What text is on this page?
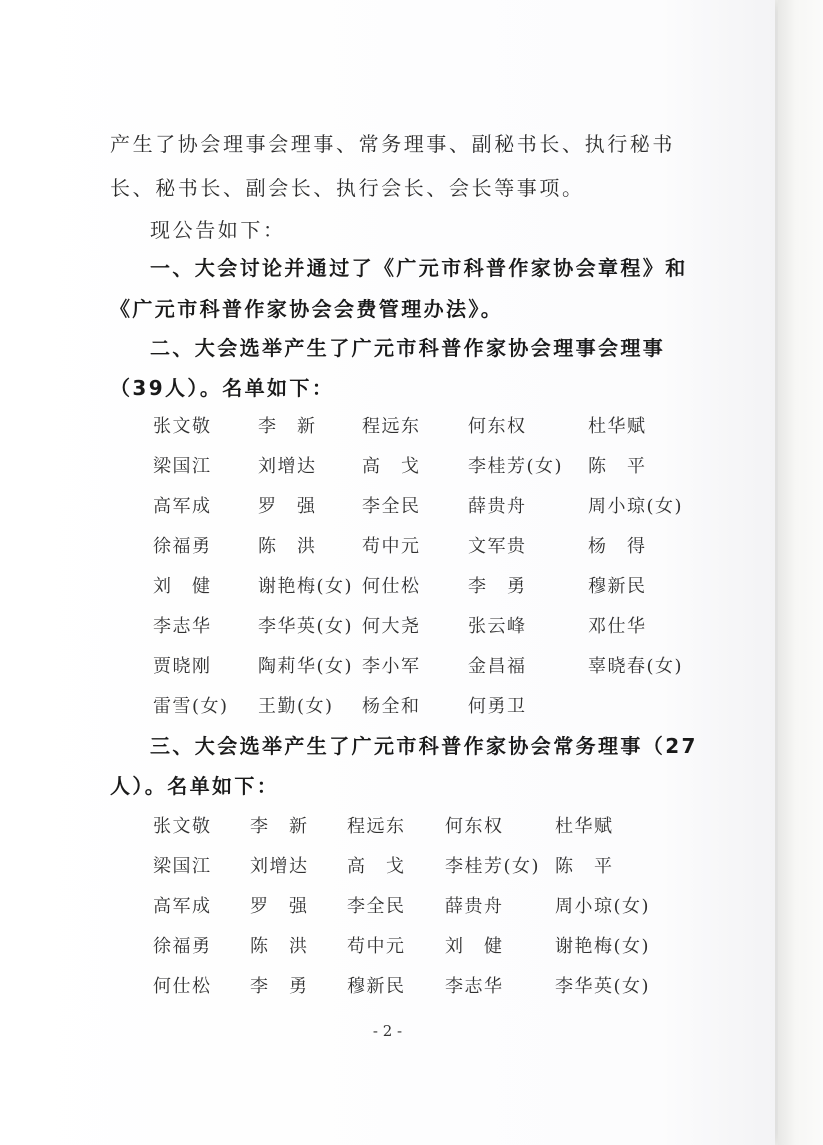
产生了协会理事会理事、常务理事、副秘书长、执行秘书
长、秘书长、副会长、执行会长、会长等事项。
现公告如下：
一、大会讨论并通过了《广元市科普作家协会章程》和
《广元市科普作家协会会费管理办法》。
二、大会选举产生了广元市科普作家协会理事会理事
（39人）。名单如下：
张文敬	李　新	程远东	何东权	杜华赋
梁国江	刘增达	高　戈	李桂芳(女) 陈　平
高军成	罗　强	李全民	薛贵舟	周小琼(女)
徐福勇	陈　洪	苟中元	文军贵	杨　得
刘　健	谢艳梅(女) 何仕松	李　勇	穆新民
李志华	李华英(女) 何大尧	张云峰	邓仕华
贾晓刚	陶莉华(女) 李小军	金昌福	辜晓春(女)
雷雪(女) 王勤(女) 杨全和	何勇卫
三、大会选举产生了广元市科普作家协会常务理事（27
人）。名单如下：
张文敬 李　新 程远东 何东权	杜华赋
梁国江 刘增达 高　戈 李桂芳(女) 陈　平
高军成 罗　强 李全民 薛贵舟	周小琼(女)
徐福勇 陈　洪 苟中元 刘　健	谢艳梅(女)
何仕松 李　勇 穆新民 李志华	李华英(女)
- 2 -
